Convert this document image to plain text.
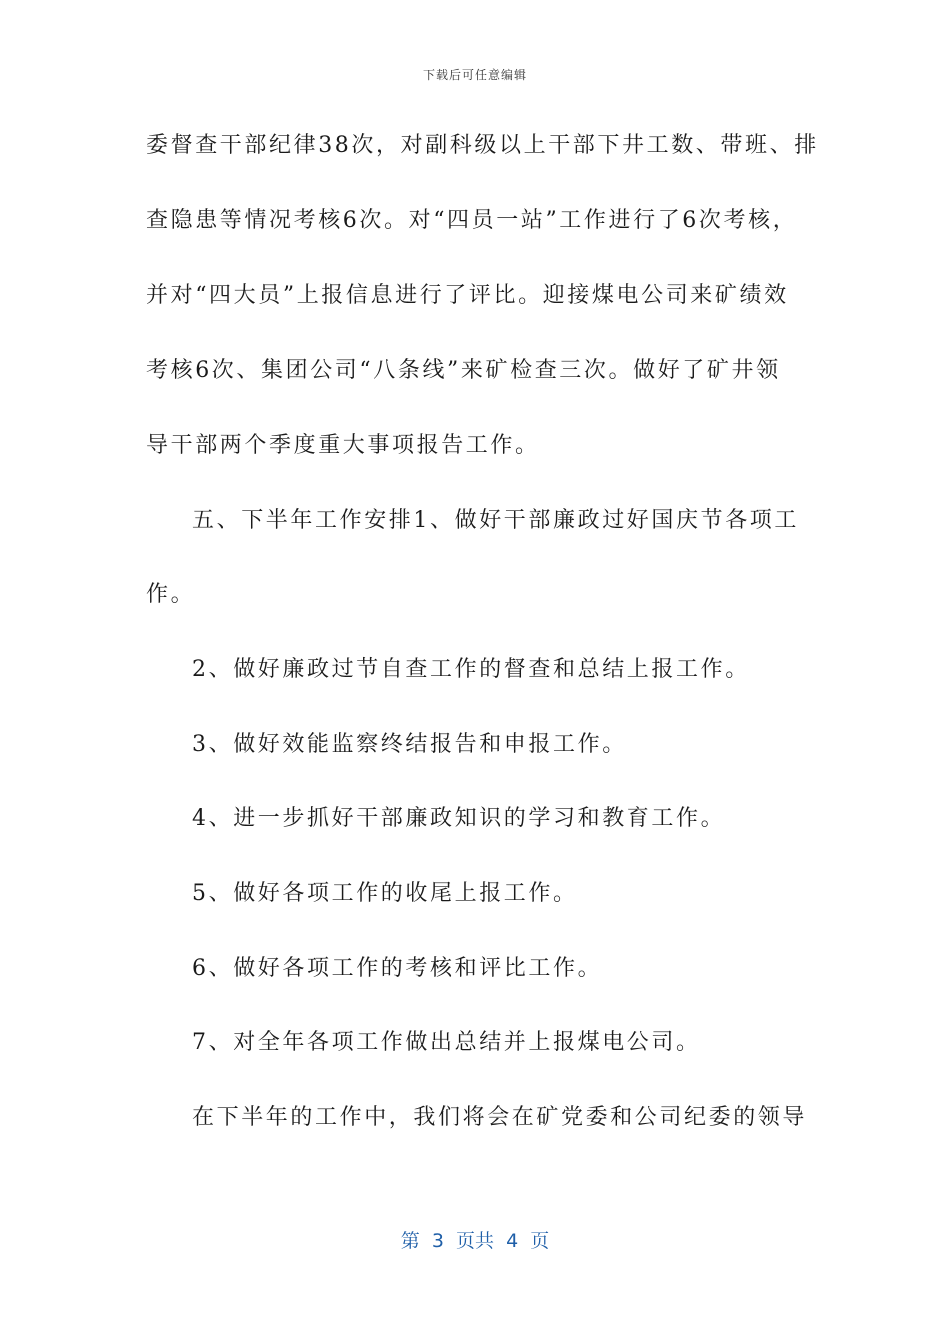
下载后可任意编辑
委督查干部纪律38次，对副科级以上干部下井工数、带班、排
查隐患等情况考核6次。对“四员一站”工作进行了6次考核，
并对“四大员”上报信息进行了评比。迎接煤电公司来矿绩效
考核6次、集团公司“八条线”来矿检查三次。做好了矿井领
导干部两个季度重大事项报告工作。
五、下半年工作安排1、做好干部廉政过好国庆节各项工
作。
2、做好廉政过节自查工作的督查和总结上报工作。
3、做好效能监察终结报告和申报工作。
4、进一步抓好干部廉政知识的学习和教育工作。
5、做好各项工作的收尾上报工作。
6、做好各项工作的考核和评比工作。
7、对全年各项工作做出总结并上报煤电公司。
在下半年的工作中，我们将会在矿党委和公司纪委的领导
第  3  页共  4  页
